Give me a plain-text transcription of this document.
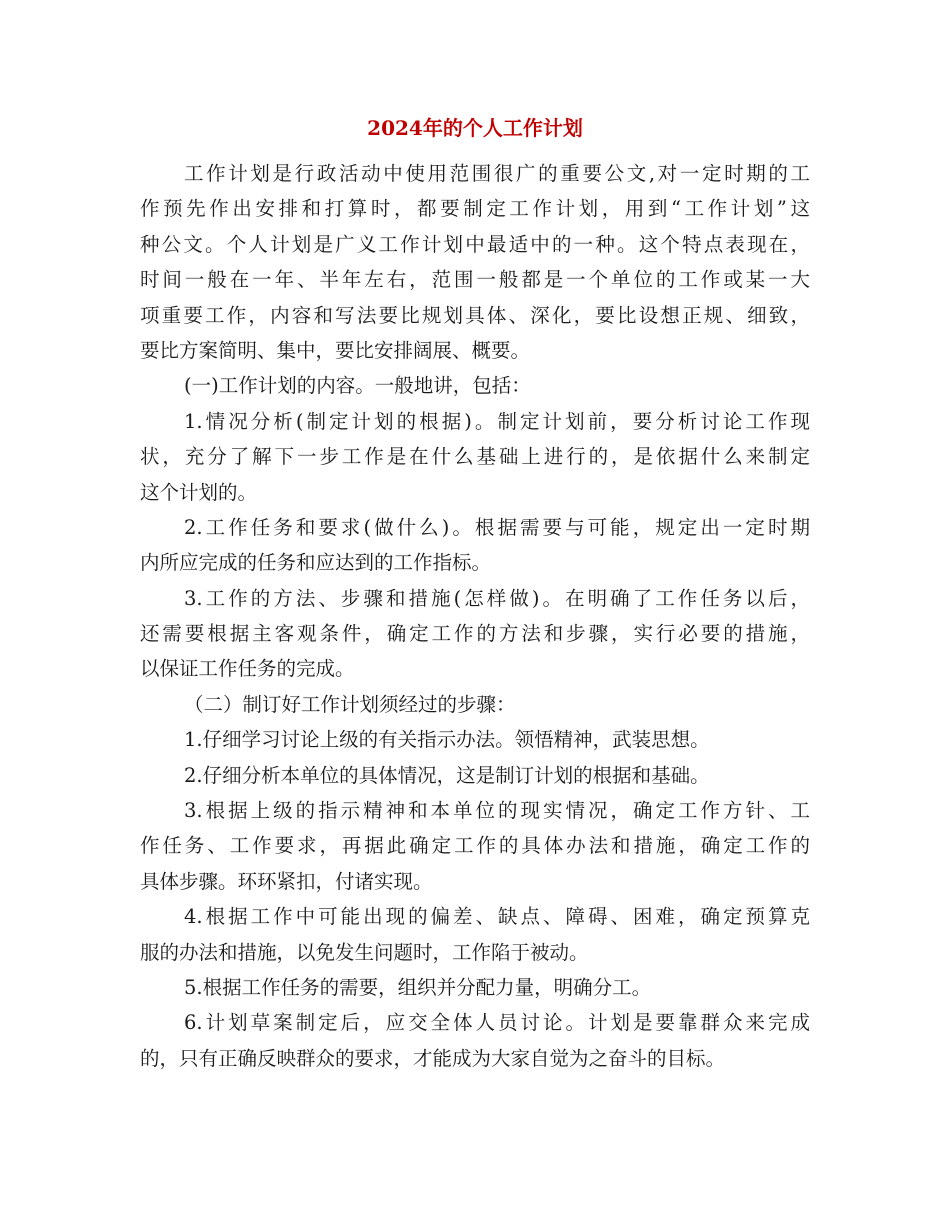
2024年的个人工作计划
工作计划是行政活动中使用范围很广的重要公文,对一定时期的工
作预先作出安排和打算时，都要制定工作计划，用到“工作计划”这
种公文。个人计划是广义工作计划中最适中的一种。这个特点表现在，
时间一般在一年、半年左右，范围一般都是一个单位的工作或某一大
项重要工作，内容和写法要比规划具体、深化，要比设想正规、细致，
要比方案简明、集中，要比安排阔展、概要。
(一)工作计划的内容。一般地讲，包括：
1.情况分析(制定计划的根据)。制定计划前，要分析讨论工作现
状，充分了解下一步工作是在什么基础上进行的，是依据什么来制定
这个计划的。
2.工作任务和要求(做什么)。根据需要与可能，规定出一定时期
内所应完成的任务和应达到的工作指标。
3.工作的方法、步骤和措施(怎样做)。在明确了工作任务以后，
还需要根据主客观条件，确定工作的方法和步骤，实行必要的措施，
以保证工作任务的完成。
（二）制订好工作计划须经过的步骤：
1.仔细学习讨论上级的有关指示办法。领悟精神，武装思想。
2.仔细分析本单位的具体情况，这是制订计划的根据和基础。
3.根据上级的指示精神和本单位的现实情况，确定工作方针、工
作任务、工作要求，再据此确定工作的具体办法和措施，确定工作的
具体步骤。环环紧扣，付诸实现。
4.根据工作中可能出现的偏差、缺点、障碍、困难，确定预算克
服的办法和措施，以免发生问题时，工作陷于被动。
5.根据工作任务的需要，组织并分配力量，明确分工。
6.计划草案制定后，应交全体人员讨论。计划是要靠群众来完成
的，只有正确反映群众的要求，才能成为大家自觉为之奋斗的目标。
